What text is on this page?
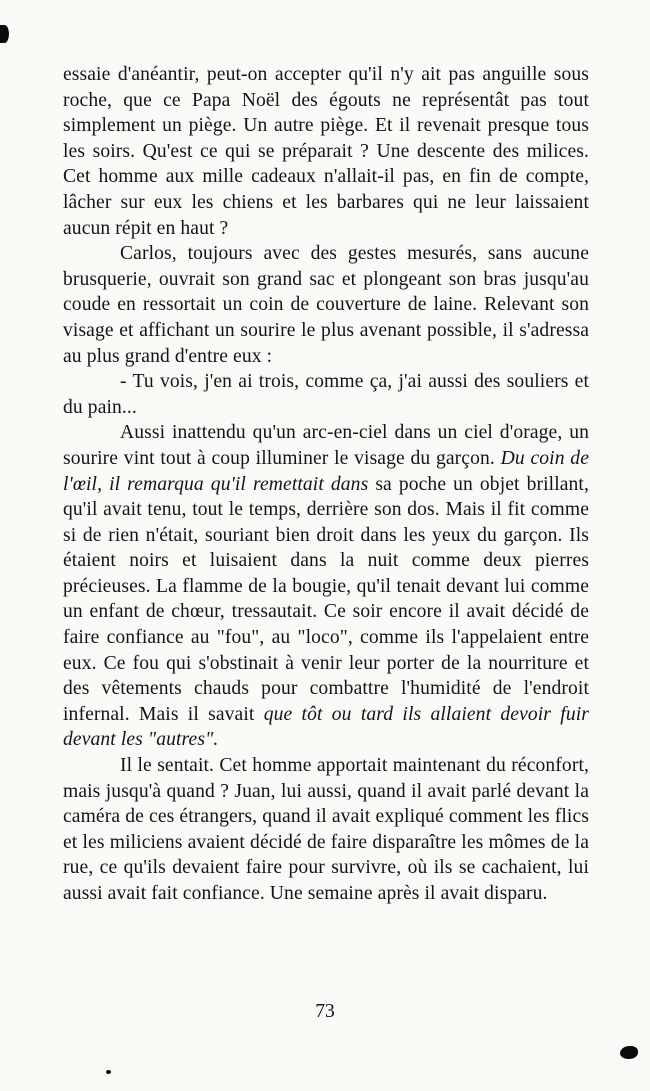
essaie d'anéantir, peut-on accepter qu'il n'y ait pas anguille sous roche, que ce Papa Noël des égouts ne représentât pas tout simplement un piège. Un autre piège. Et il revenait presque tous les soirs. Qu'est ce qui se préparait ? Une descente des milices. Cet homme aux mille cadeaux n'allait-il pas, en fin de compte, lâcher sur eux les chiens et les barbares qui ne leur laissaient aucun répit en haut ?

Carlos, toujours avec des gestes mesurés, sans aucune brusquerie, ouvrait son grand sac et plongeant son bras jusqu'au coude en ressortait un coin de couverture de laine. Relevant son visage et affichant un sourire le plus avenant possible, il s'adressa au plus grand d'entre eux :

- Tu vois, j'en ai trois, comme ça, j'ai aussi des souliers et du pain...

Aussi inattendu qu'un arc-en-ciel dans un ciel d'orage, un sourire vint tout à coup illuminer le visage du garçon. Du coin de l'œil, il remarqua qu'il remettait dans sa poche un objet brillant, qu'il avait tenu, tout le temps, derrière son dos. Mais il fit comme si de rien n'était, souriant bien droit dans les yeux du garçon. Ils étaient noirs et luisaient dans la nuit comme deux pierres précieuses. La flamme de la bougie, qu'il tenait devant lui comme un enfant de chœur, tressautait. Ce soir encore il avait décidé de faire confiance au "fou", au "loco", comme ils l'appelaient entre eux. Ce fou qui s'obstinait à venir leur porter de la nourriture et des vêtements chauds pour combattre l'humidité de l'endroit infernal. Mais il savait que tôt ou tard ils allaient devoir fuir devant les "autres".

Il le sentait. Cet homme apportait maintenant du réconfort, mais jusqu'à quand ? Juan, lui aussi, quand il avait parlé devant la caméra de ces étrangers, quand il avait expliqué comment les flics et les miliciens avaient décidé de faire disparaître les mômes de la rue, ce qu'ils devaient faire pour survivre, où ils se cachaient, lui aussi avait fait confiance. Une semaine après il avait disparu.

73
